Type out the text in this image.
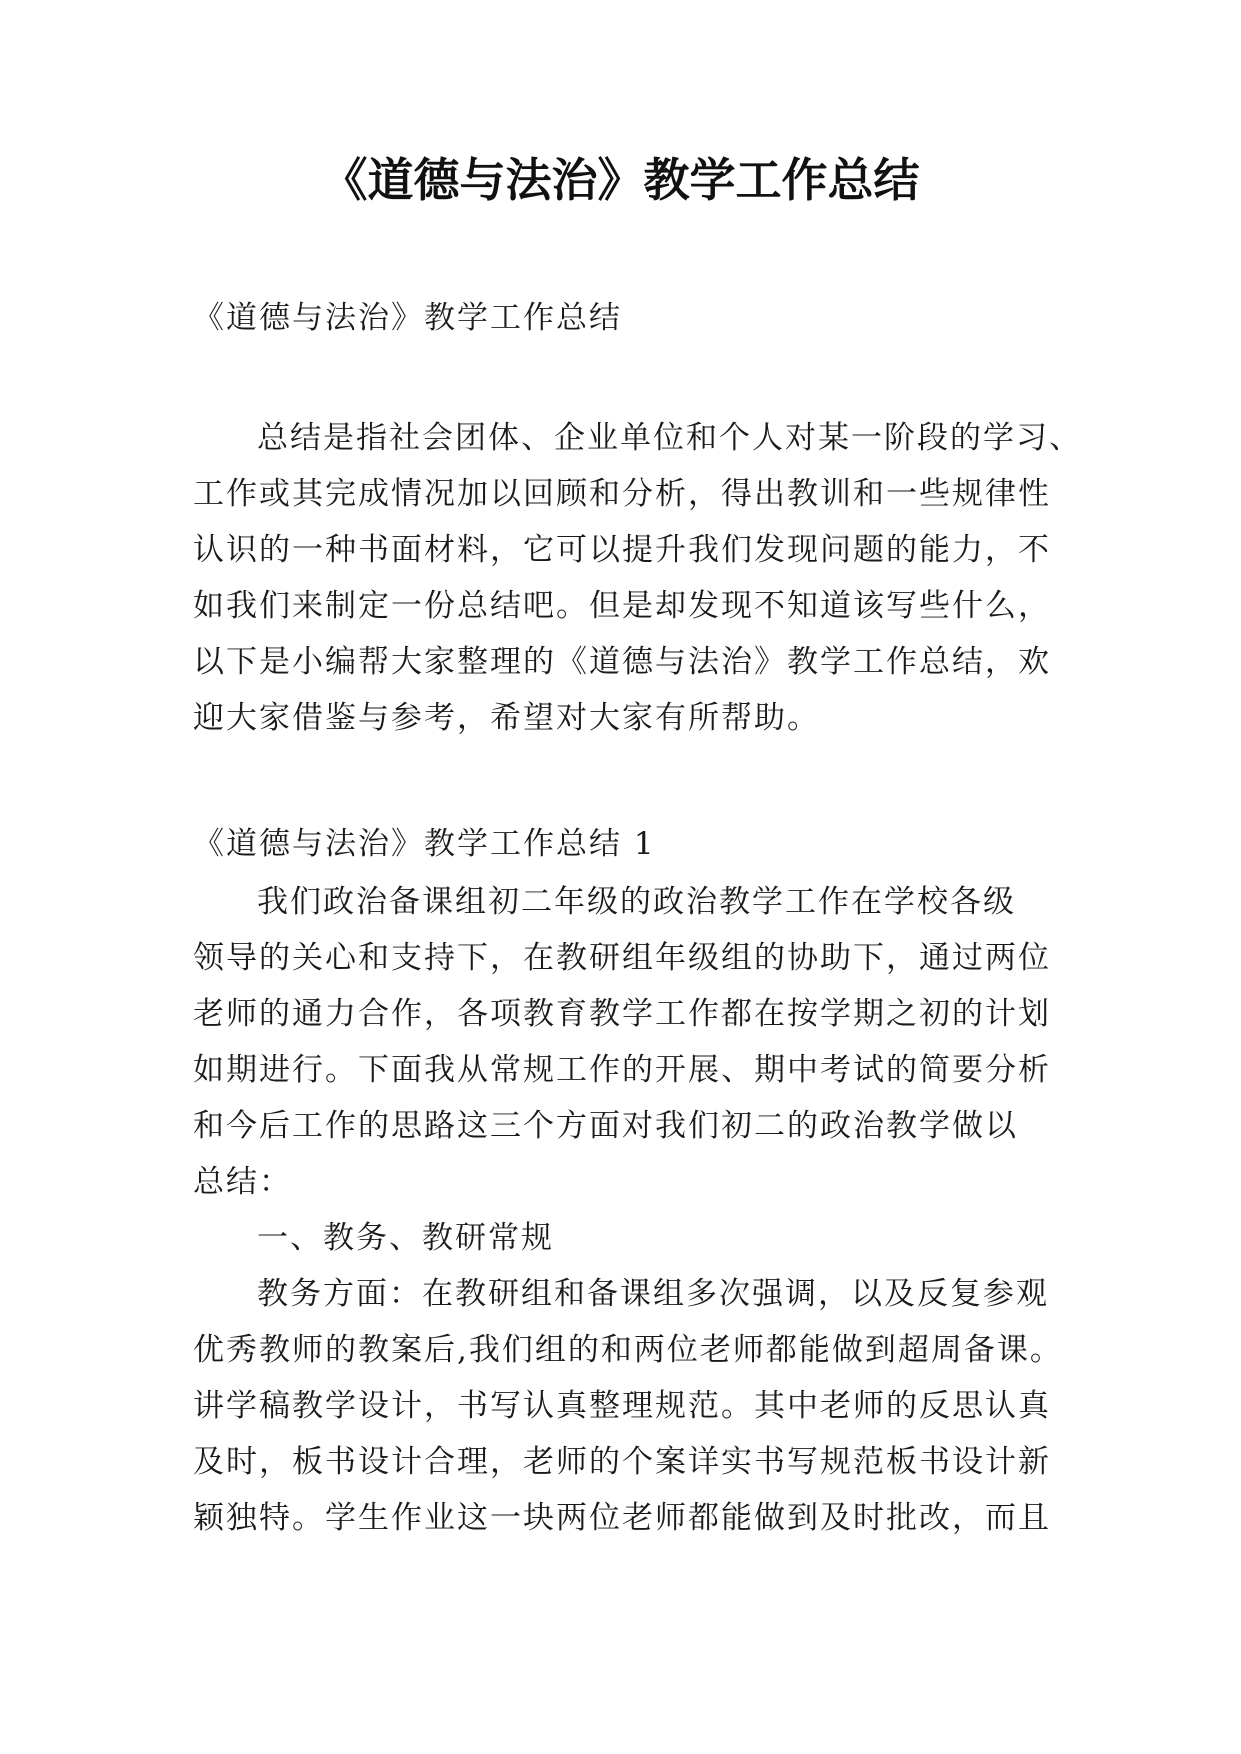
《道德与法治》教学工作总结

《道德与法治》教学工作总结

总结是指社会团体、企业单位和个人对某一阶段的学习、
工作或其完成情况加以回顾和分析，得出教训和一些规律性
认识的一种书面材料，它可以提升我们发现问题的能力，不
如我们来制定一份总结吧。但是却发现不知道该写些什么，
以下是小编帮大家整理的《道德与法治》教学工作总结，欢
迎大家借鉴与参考，希望对大家有所帮助。

《道德与法治》教学工作总结 1

我们政治备课组初二年级的政治教学工作在学校各级
领导的关心和支持下，在教研组年级组的协助下，通过两位
老师的通力合作，各项教育教学工作都在按学期之初的计划
如期进行。下面我从常规工作的开展、期中考试的简要分析
和今后工作的思路这三个方面对我们初二的政治教学做以
总结：
一、教务、教研常规
教务方面：在教研组和备课组多次强调，以及反复参观
优秀教师的教案后,我们组的和两位老师都能做到超周备课。
讲学稿教学设计，书写认真整理规范。其中老师的反思认真
及时，板书设计合理，老师的个案详实书写规范板书设计新
颖独特。学生作业这一块两位老师都能做到及时批改，而且
